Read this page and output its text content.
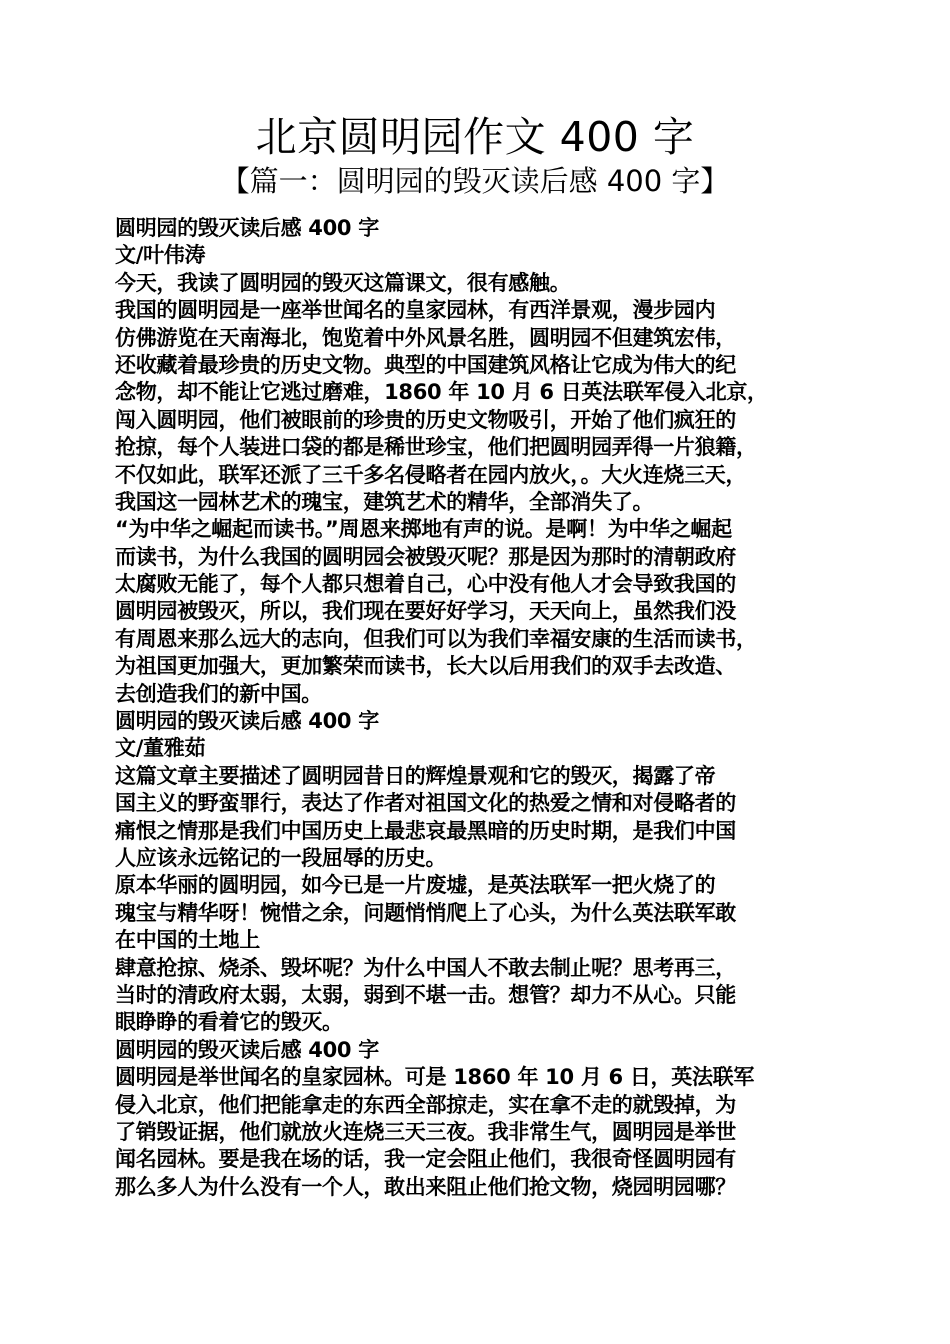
北京圆明园作文 400 字
【篇一：圆明园的毁灭读后感 400 字】
圆明园的毁灭读后感 400 字
文/叶伟涛
今天，我读了圆明园的毁灭这篇课文，很有感触。
我国的圆明园是一座举世闻名的皇家园林，有西洋景观，漫步园内
仿佛游览在天南海北，饱览着中外风景名胜，圆明园不但建筑宏伟，
还收藏着最珍贵的历史文物。典型的中国建筑风格让它成为伟大的纪
念物，却不能让它逃过磨难，1860 年 10 月 6 日英法联军侵入北京，
闯入圆明园，他们被眼前的珍贵的历史文物吸引，开始了他们疯狂的
抢掠，每个人装进口袋的都是稀世珍宝，他们把圆明园弄得一片狼籍，
不仅如此，联军还派了三千多名侵略者在园内放火，。大火连烧三天，
我国这一园林艺术的瑰宝，建筑艺术的精华，全部消失了。
“为中华之崛起而读书。”周恩来掷地有声的说。是啊！为中华之崛起
而读书，为什么我国的圆明园会被毁灭呢？那是因为那时的清朝政府
太腐败无能了，每个人都只想着自己，心中没有他人才会导致我国的
圆明园被毁灭，所以，我们现在要好好学习，天天向上，虽然我们没
有周恩来那么远大的志向，但我们可以为我们幸福安康的生活而读书，
为祖国更加强大，更加繁荣而读书，长大以后用我们的双手去改造、
去创造我们的新中国。
圆明园的毁灭读后感 400 字
文/董雅茹
这篇文章主要描述了圆明园昔日的辉煌景观和它的毁灭，揭露了帝
国主义的野蛮罪行，表达了作者对祖国文化的热爱之情和对侵略者的
痛恨之情那是我们中国历史上最悲哀最黑暗的历史时期，是我们中国
人应该永远铭记的一段屈辱的历史。
原本华丽的圆明园，如今已是一片废墟，是英法联军一把火烧了的
瑰宝与精华呀！惋惜之余，问题悄悄爬上了心头，为什么英法联军敢
在中国的土地上
肆意抢掠、烧杀、毁坏呢？为什么中国人不敢去制止呢？思考再三，
当时的清政府太弱，太弱，弱到不堪一击。想管？却力不从心。只能
眼睁睁的看着它的毁灭。
圆明园的毁灭读后感 400 字
圆明园是举世闻名的皇家园林。可是 1860 年 10 月 6 日，英法联军
侵入北京，他们把能拿走的东西全部掠走，实在拿不走的就毁掉，为
了销毁证据，他们就放火连烧三天三夜。我非常生气，圆明园是举世
闻名园林。要是我在场的话，我一定会阻止他们，我很奇怪圆明园有
那么多人为什么没有一个人，敢出来阻止他们抢文物，烧园明园哪？
